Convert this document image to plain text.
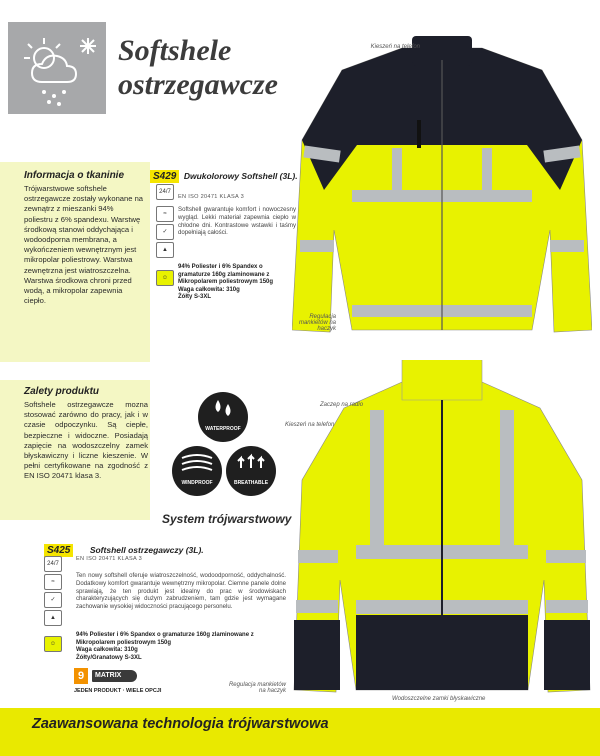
Softshele
ostrzegawcze
Kieszeń na telefon
Regulacja mankietów na haczyk
Zaczep na radio
Kieszeń na telefon
Regulacja mankietów na haczyk
Wodoszczelne zamki błyskawiczne
Informacja o tkaninie
Trójwarstwowe softshele ostrzegawcze zostały wykonane na zewnątrz z mieszanki 94% poliestru z 6% spandexu. Warstwę środkową stanowi oddychająca i wodoodporna membrana, a wykończeniem wewnętrznym jest mikropolar poliestrowy. Warstwa zewnętrzna jest wiatroszczelna. Warstwa środkowa chroni przed wodą, a mikropolar zapewnia ciepło.
Zalety produktu
Softshele ostrzegawcze mozna stosować zarówno do pracy, jak i w czasie odpoczynku. Są ciepłe, bezpieczne i widoczne. Posiadają zapięcie na wodoszczelny zamek błyskawiczny i liczne kieszenie. W pełni certyfikowane na zgodność z EN ISO 20471 klasa 3.
S429 Dwukolorowy Softshell (3L).
24/7
EN ISO 20471 KLASA 3
≈
✓
▲
Softshell gwarantuje komfort i nowoczesny wygląd. Lekki materiał zapewnia ciepło w chłodne dni. Kontrastowe wstawki i taśmy dopełniają całości.
☺
94% Poliester i 6% Spandex o gramaturze 160g zlaminowane z Mikropolarem poliestrowym 150g
Waga całkowita: 310g
Żółty S-3XL
WATERPROOF
WINDPROOF	BREATHABLE
System trójwarstwowy
S425 Softshell ostrzegawczy (3L).
24/7
EN ISO 20471 KLASA 3
≈
✓
▲
Ten nowy softshell oferuje wiatroszczelność, wodoodporność, oddychalność. Dodatkowy komfort gwarantuje wewnętrzny mikropolar. Ciemne panele dolne sprawiają, że ten produkt jest idealny do prac w środowiskach charakteryzujących się dużym zabrudzeniem, tam gdzie jest wymagane zachowanie wysokiej widoczności pracującego personelu.
☺
94% Poliester i 6% Spandex o gramaturze 160g zlaminowane z Mikropolarem poliestrowym 150g
Waga całkowita: 310g
Żółty/Granatowy S-3XL
9	MATRIX
JEDEN PRODUKT · WIELE OPCJI
Zaawansowana technologia trójwarstwowa
